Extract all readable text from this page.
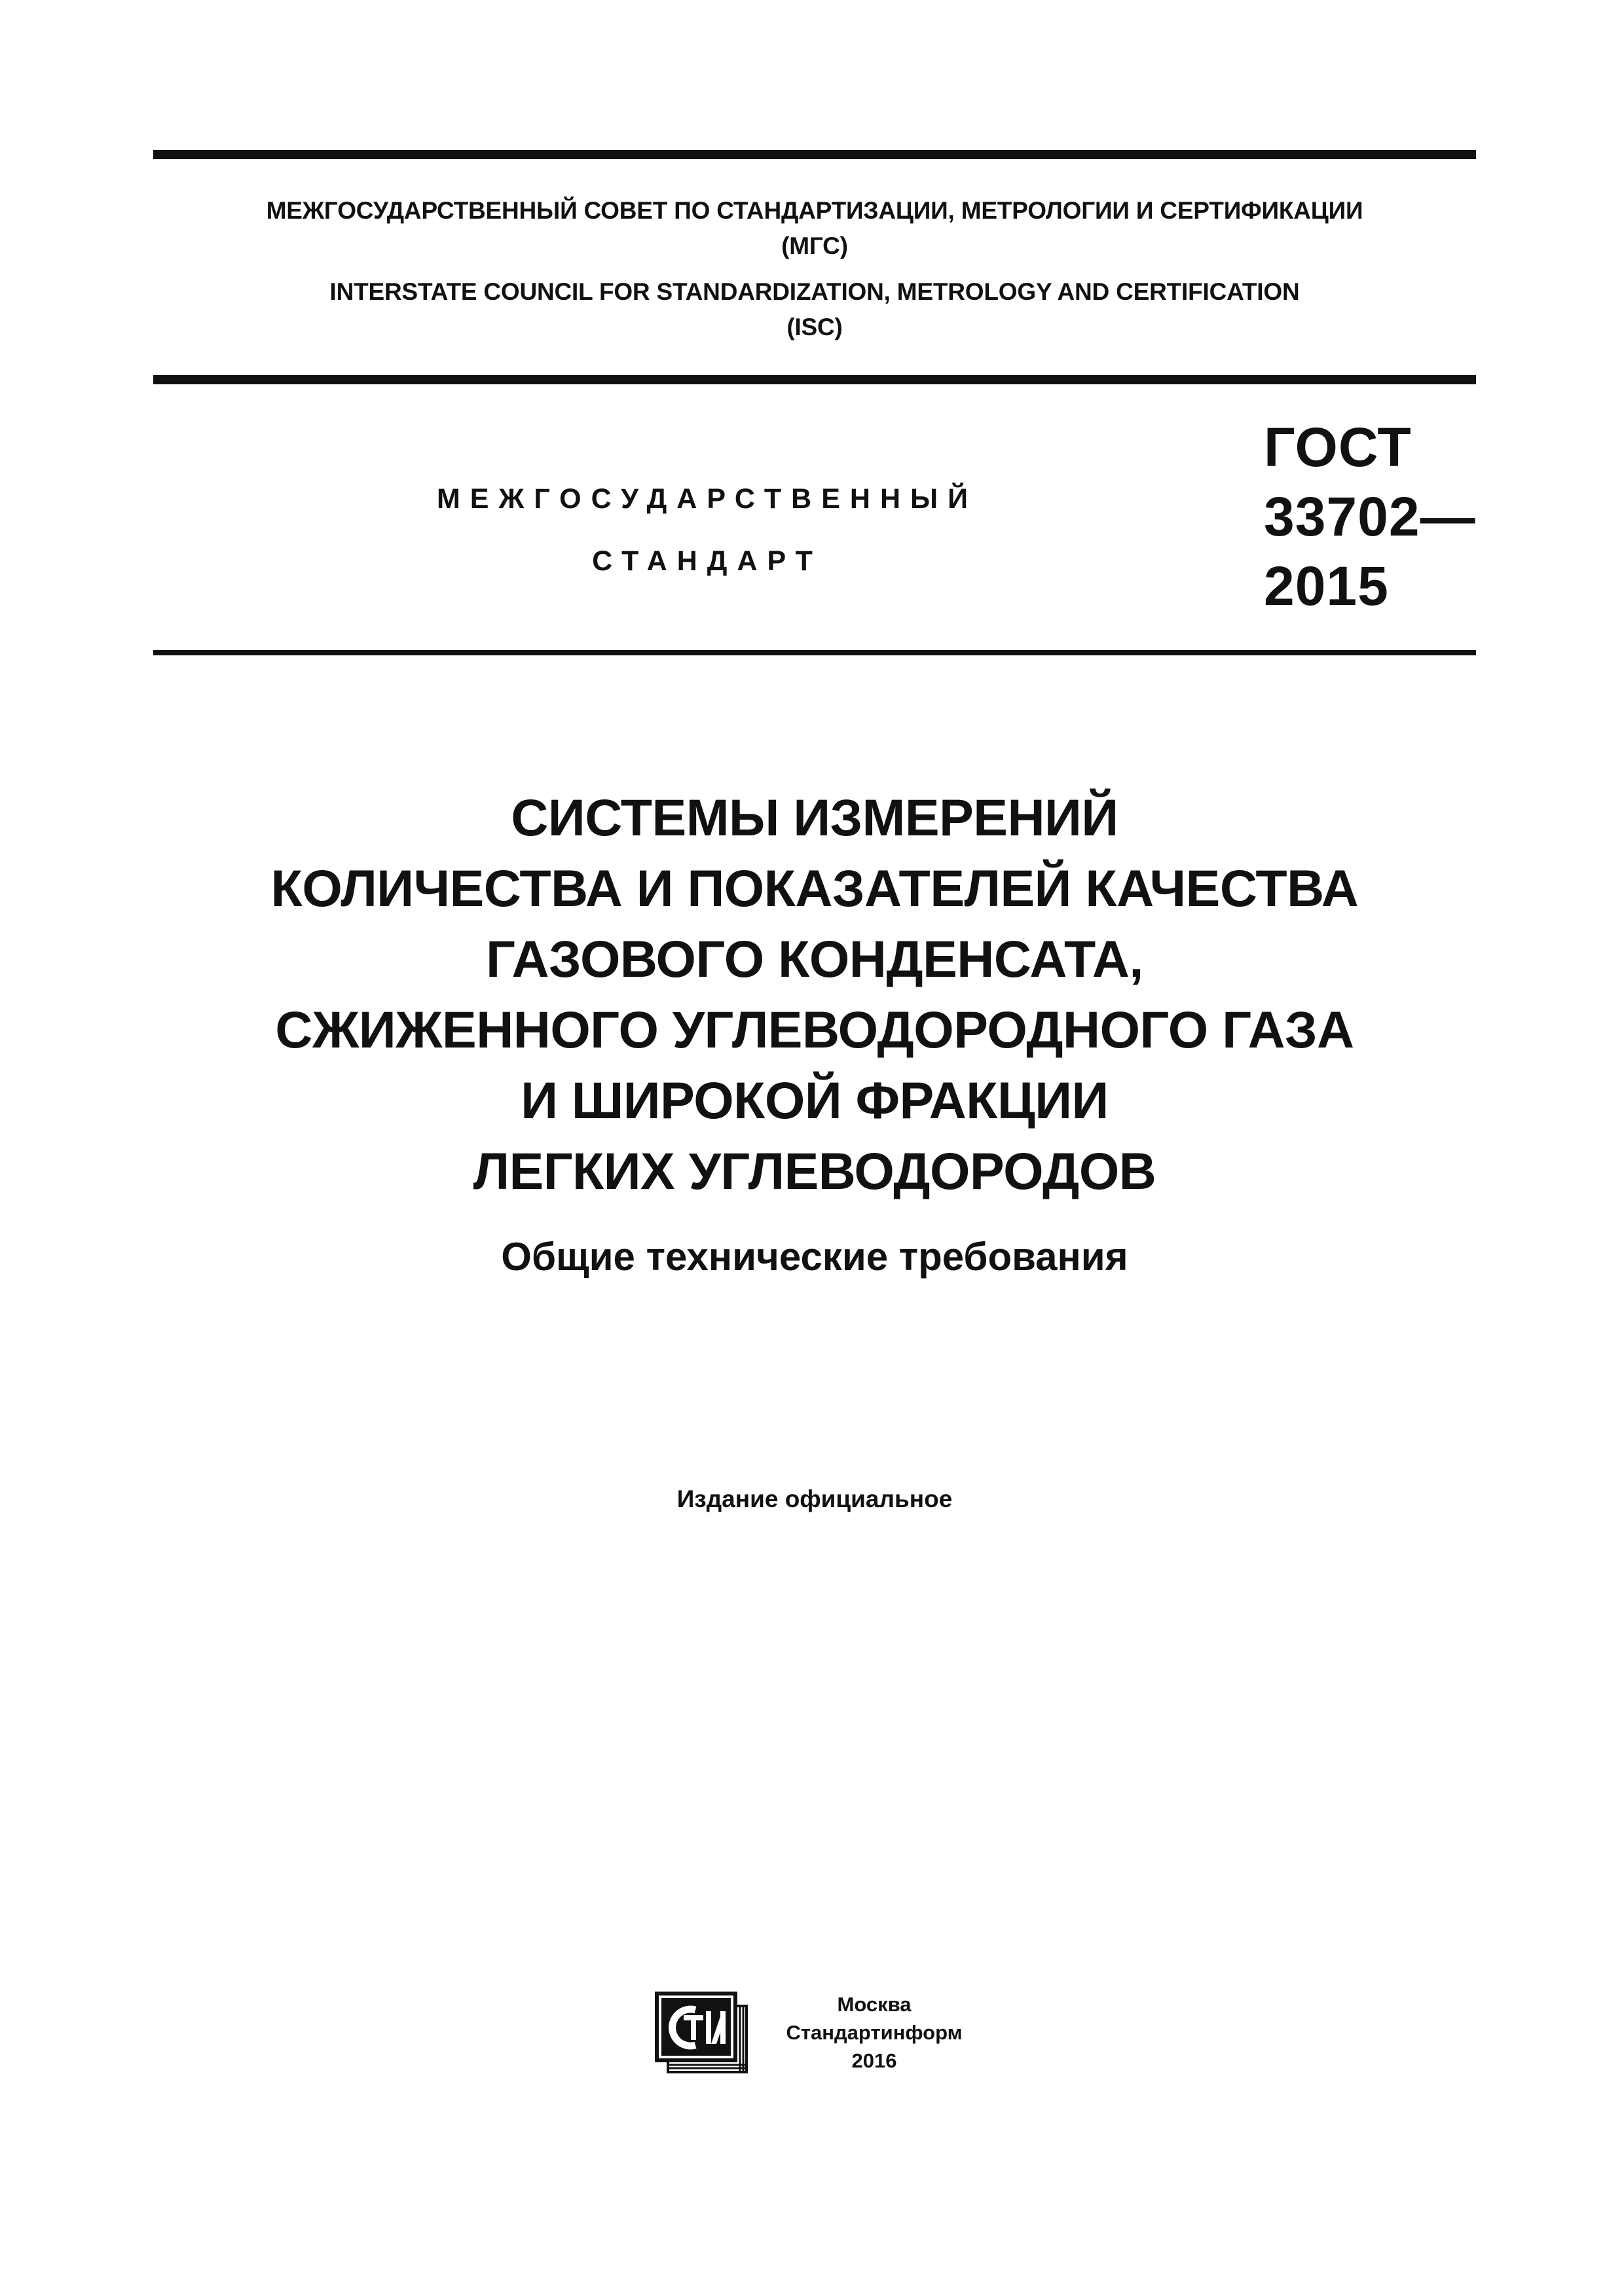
МЕЖГОСУДАРСТВЕННЫЙ СОВЕТ ПО СТАНДАРТИЗАЦИИ, МЕТРОЛОГИИ И СЕРТИФИКАЦИИ
(МГС)
INTERSTATE COUNCIL FOR STANDARDIZATION, METROLOGY AND CERTIFICATION
(ISC)
МЕЖГОСУДАРСТВЕННЫЙ
СТАНДАРТ
ГОСТ
33702—
2015
СИСТЕМЫ ИЗМЕРЕНИЙ
КОЛИЧЕСТВА И ПОКАЗАТЕЛЕЙ КАЧЕСТВА
ГАЗОВОГО КОНДЕНСАТА,
СЖИЖЕННОГО УГЛЕВОДОРОДНОГО ГАЗА
И ШИРОКОЙ ФРАКЦИИ
ЛЕГКИХ УГЛЕВОДОРОДОВ
Общие технические требования
Издание официальное
Москва
Стандартинформ
2016
